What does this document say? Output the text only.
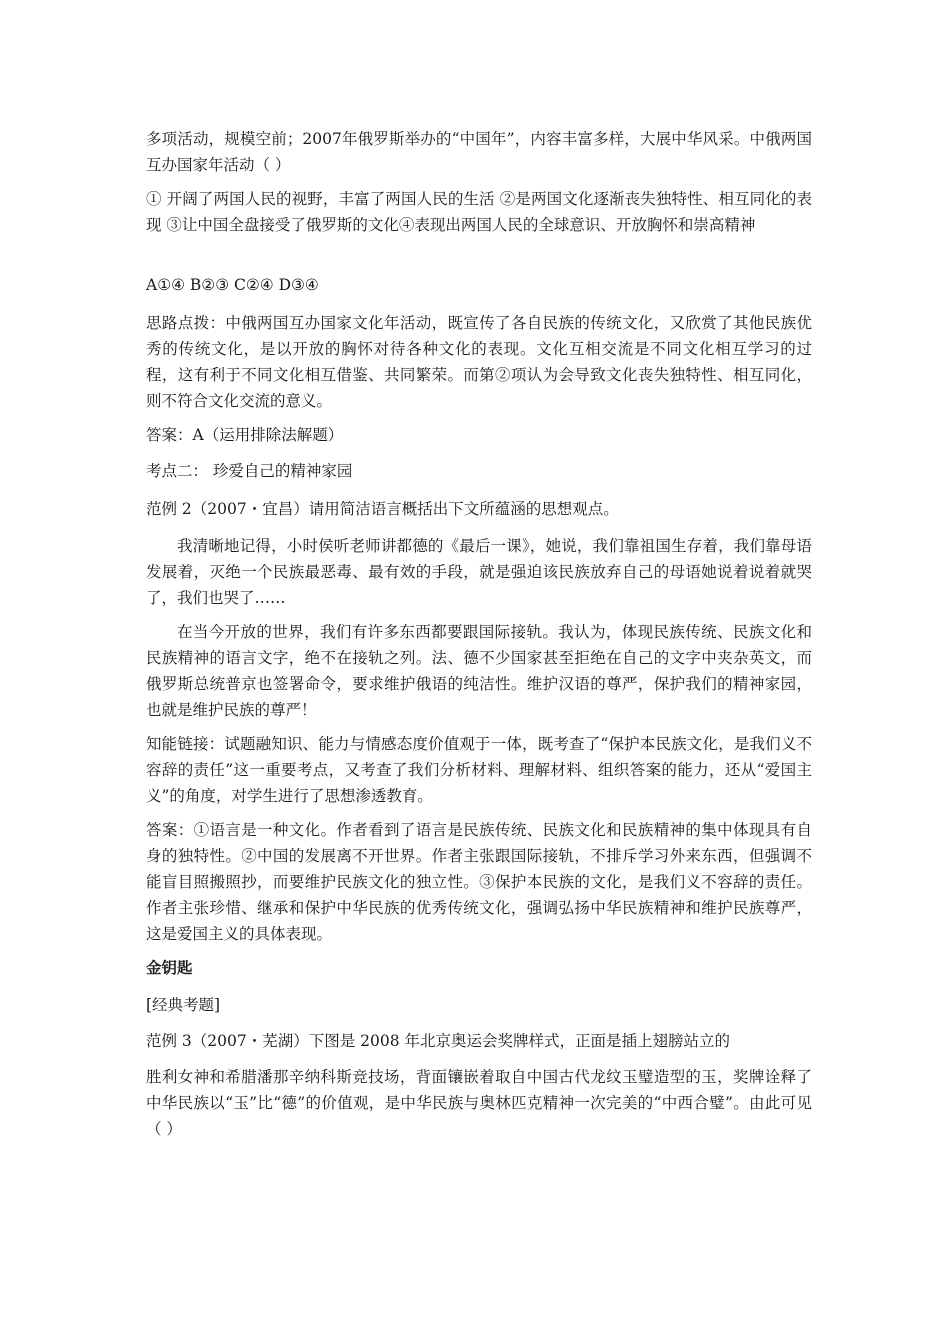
多项活动，规模空前；2007年俄罗斯举办的“中国年”，内容丰富多样，大展中华风采。中俄两国互办国家年活动（ ）

① 开阔了两国人民的视野，丰富了两国人民的生活 ②是两国文化逐渐丧失独特性、相互同化的表现 ③让中国全盘接受了俄罗斯的文化④表现出两国人民的全球意识、开放胸怀和崇高精神

A①④ B②③ C②④ D③④

思路点拨：中俄两国互办国家文化年活动，既宣传了各自民族的传统文化，又欣赏了其他民族优秀的传统文化，是以开放的胸怀对待各种文化的表现。文化互相交流是不同文化相互学习的过程，这有利于不同文化相互借鉴、共同繁荣。而第②项认为会导致文化丧失独特性、相互同化，则不符合文化交流的意义。

答案：A（运用排除法解题）

考点二： 珍爱自己的精神家园

范例 2（2007・宜昌）请用简洁语言概括出下文所蕴涵的思想观点。

我清晰地记得，小时侯听老师讲都德的《最后一课》，她说，我们靠祖国生存着，我们靠母语发展着，灭绝一个民族最恶毒、最有效的手段，就是强迫该民族放弃自己的母语她说着说着就哭了，我们也哭了……

在当今开放的世界，我们有许多东西都要跟国际接轨。我认为，体现民族传统、民族文化和民族精神的语言文字，绝不在接轨之列。法、德不少国家甚至拒绝在自己的文字中夹杂英文，而俄罗斯总统普京也签署命令，要求维护俄语的纯洁性。维护汉语的尊严，保护我们的精神家园，也就是维护民族的尊严！

知能链接：试题融知识、能力与情感态度价值观于一体，既考查了“保护本民族文化，是我们义不容辞的责任”这一重要考点，又考查了我们分析材料、理解材料、组织答案的能力，还从“爱国主义”的角度，对学生进行了思想渗透教育。

答案：①语言是一种文化。作者看到了语言是民族传统、民族文化和民族精神的集中体现具有自身的独特性。②中国的发展离不开世界。作者主张跟国际接轨，不排斥学习外来东西，但强调不能盲目照搬照抄，而要维护民族文化的独立性。③保护本民族的文化，是我们义不容辞的责任。作者主张珍惜、继承和保护中华民族的优秀传统文化，强调弘扬中华民族精神和维护民族尊严，这是爱国主义的具体表现。

金钥匙

[经典考题]

范例 3（2007・芜湖）下图是 2008 年北京奥运会奖牌样式，正面是插上翅膀站立的

胜利女神和希腊潘那辛纳科斯竞技场，背面镶嵌着取自中国古代龙纹玉璧造型的玉，奖牌诠释了中华民族以“玉”比“德”的价值观，是中华民族与奥林匹克精神一次完美的“中西合璧”。由此可见（ ）
